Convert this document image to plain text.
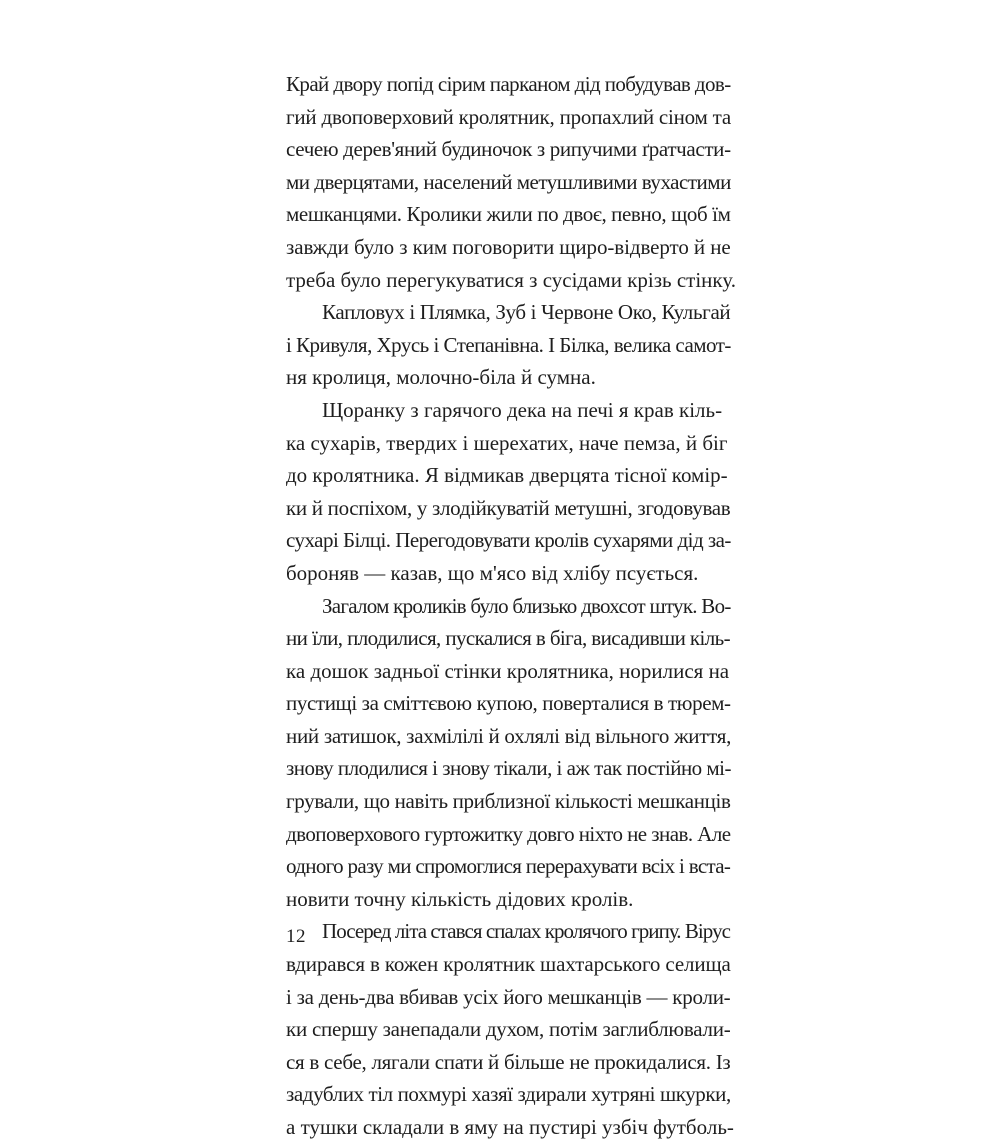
Край двору попід сірим парканом дід побудував дов-
гий двоповерховий кролятник, пропахлий сіном та
сечею дерев'яний будиночок з рипучими ґратчасти-
ми дверцятами, населений метушливими вухастими
мешканцями. Кролики жили по двоє, певно, щоб їм
завжди було з ким поговорити щиро-відверто й не
треба було перегукуватися з сусідами крізь стінку.
Капловух і Плямка, Зуб і Червоне Око, Кульгай
і Кривуля, Хрусь і Степанівна. І Білка, велика самот-
ня кролиця, молочно-біла й сумна.
Щоранку з гарячого дека на печі я крав кіль-
ка сухарів, твердих і шерехатих, наче пемза, й біг
до кролятника. Я відмикав дверцята тісної комір-
ки й поспіхом, у злодійкуватій метушні, згодовував
сухарі Білці. Перегодовувати кролів сухарями дід за-
бороняв — казав, що м'ясо від хлібу псується.
Загалом кроликів було близько двохсот штук. Во-
ни їли, плодилися, пускалися в біга, висадивши кіль-
ка дошок задньої стінки кролятника, норилися на
пустищі за сміттєвою купою, поверталися в тюрем-
ний затишок, захмілілі й охлялі від вільного життя,
знову плодилися і знову тікали, і аж так постійно мі-
грували, що навіть приблизної кількості мешканців
двоповерхового гуртожитку довго ніхто не знав. Але
одного разу ми спромоглися перерахувати всіх і вста-
новити точну кількість дідових кролів.
Посеред літа стався спалах кролячого грипу. Вірус
вдирався в кожен кролятник шахтарського селища
і за день-два вбивав усіх його мешканців — кроли-
ки спершу занепадали духом, потім заглиблювали-
ся в себе, лягали спати й більше не прокидалися. Із
задублих тіл похмурі хазяї здирали хутряні шкурки,
а тушки складали в яму на пустирі узбіч футболь-
12
